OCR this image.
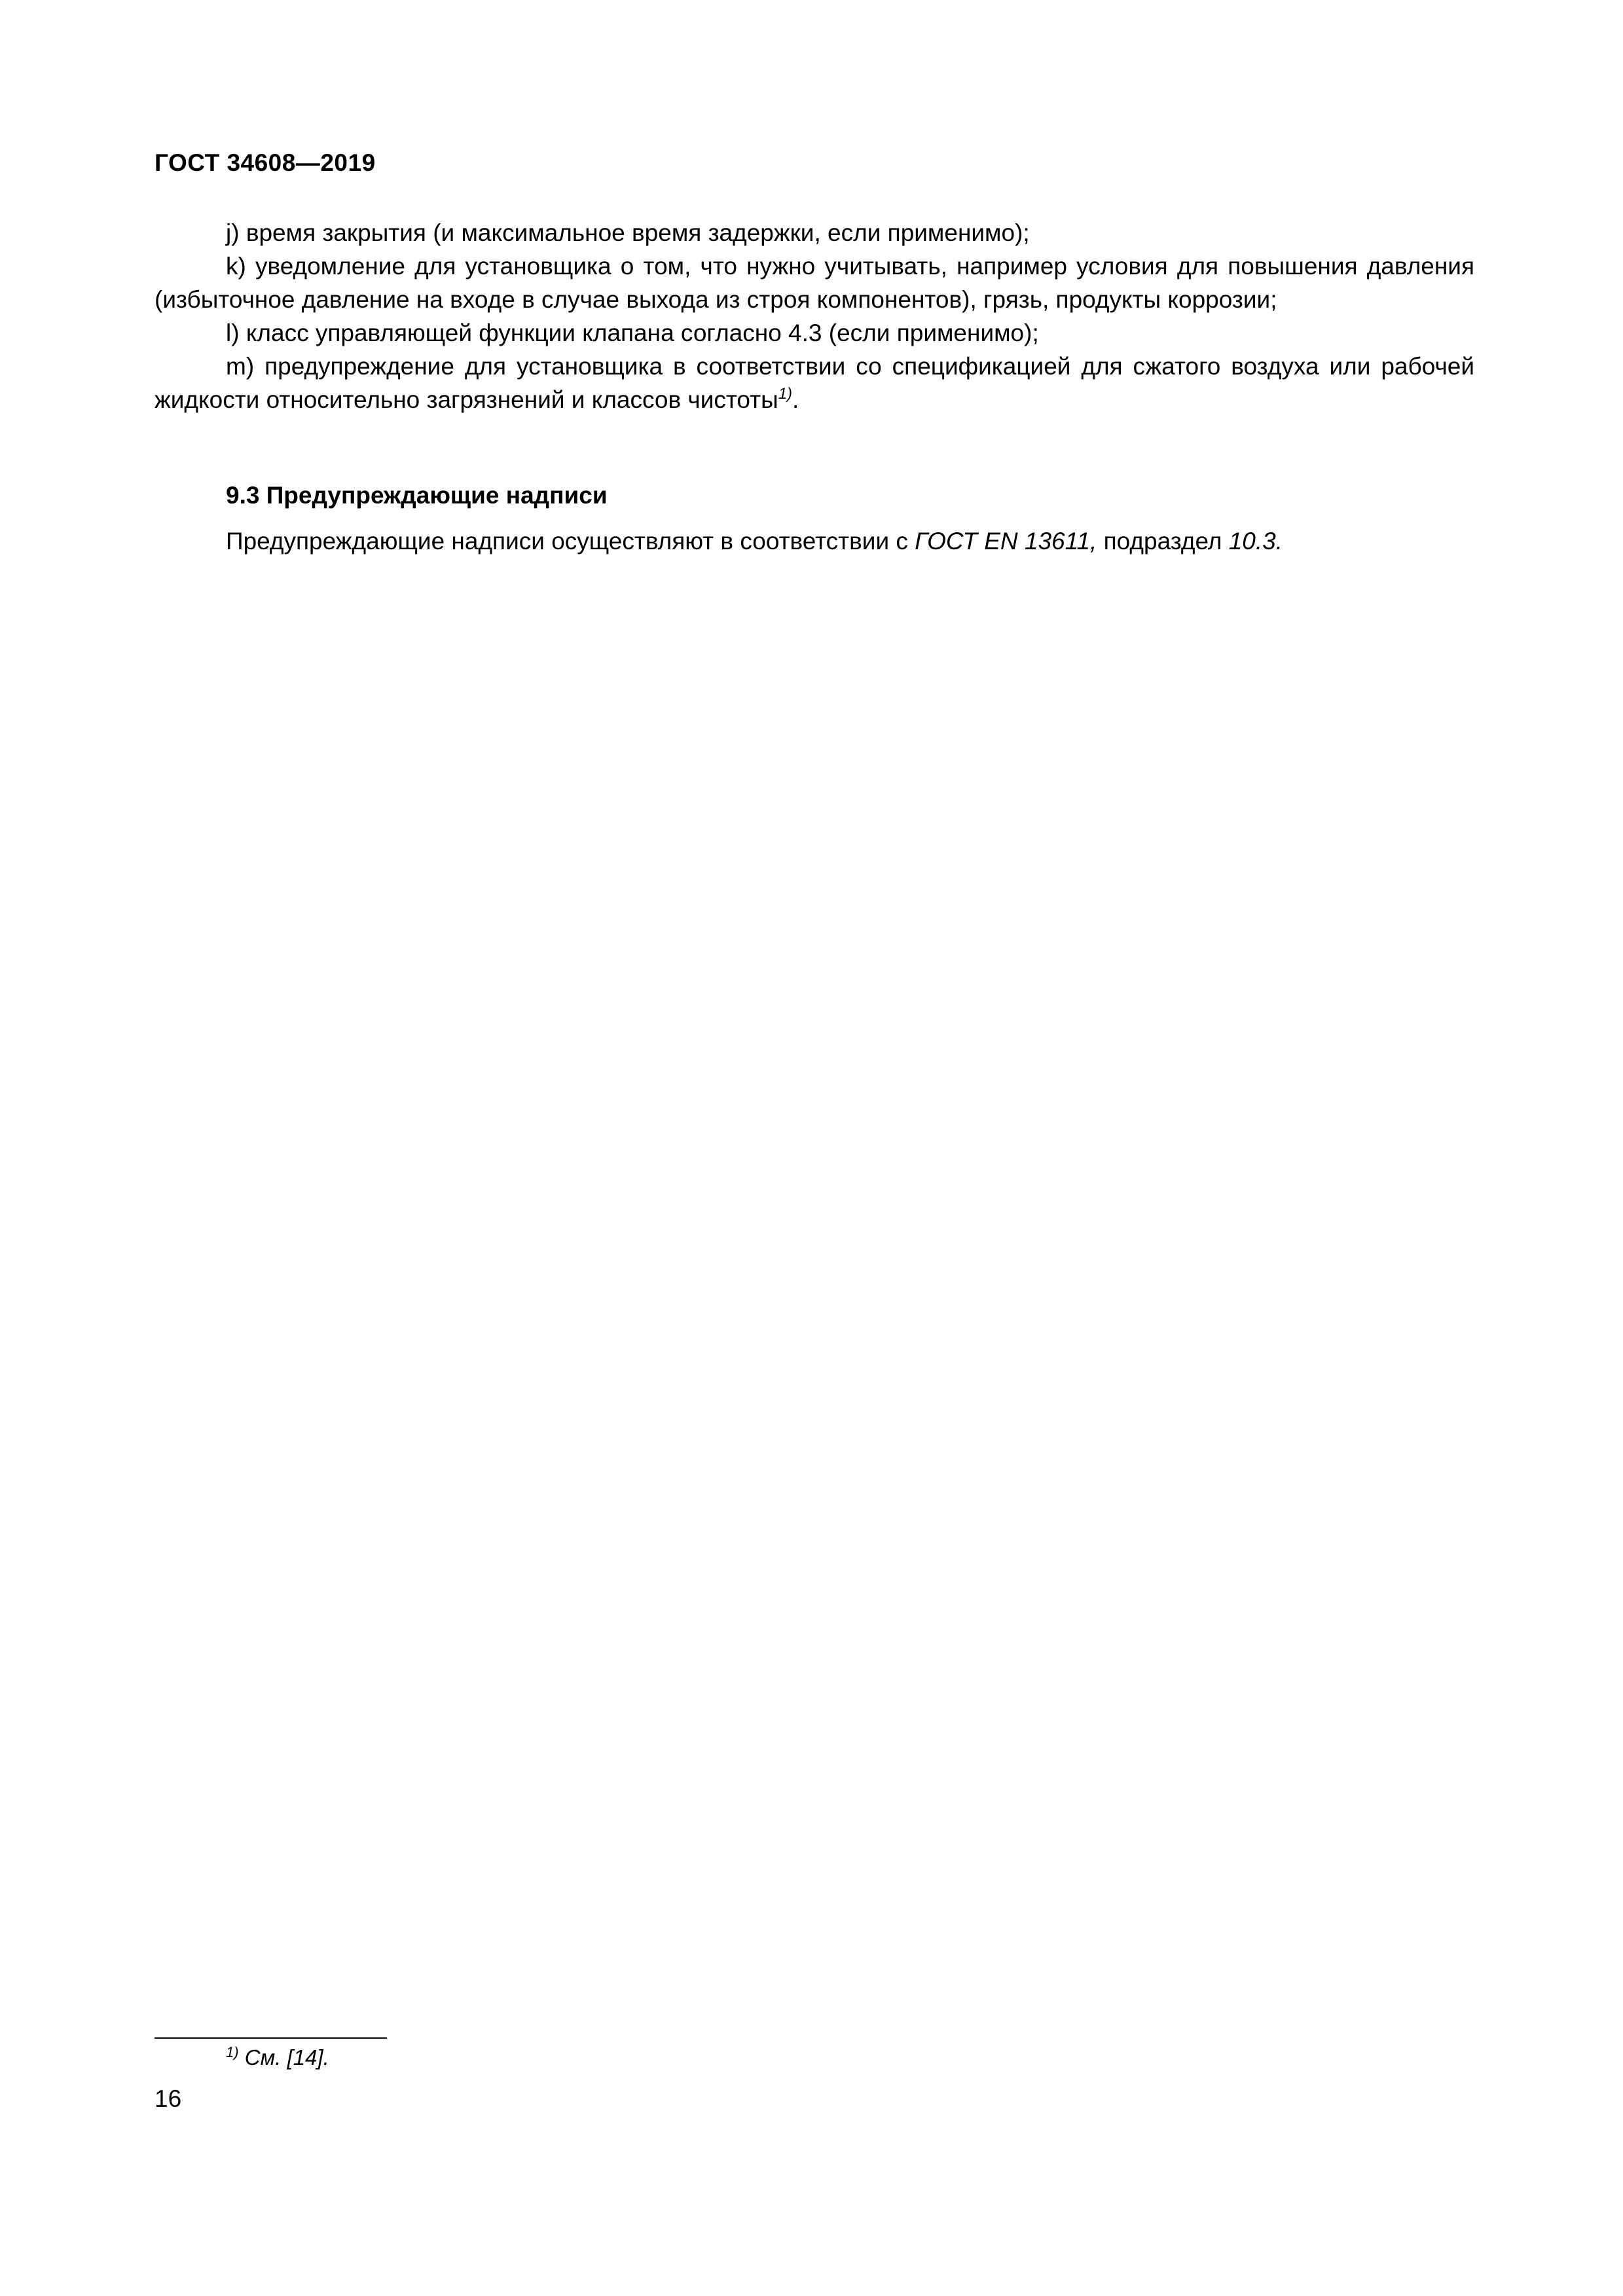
ГОСТ 34608—2019

j) время закрытия (и максимальное время задержки, если применимо);

k) уведомление для установщика о том, что нужно учитывать, например условия для повышения давления (избыточное давление на входе в случае выхода из строя компонентов), грязь, продукты коррозии;

l) класс управляющей функции клапана согласно 4.3 (если применимо);

m) предупреждение для установщика в соответствии со спецификацией для сжатого воздуха или рабочей жидкости относительно загрязнений и классов чистоты$^{1)}$.

9.3 Предупреждающие надписи
Предупреждающие надписи осуществляют в соответствии с ГОСТ EN 13611, подраздел 10.3.
$^{1)}$ См. [14].
16
